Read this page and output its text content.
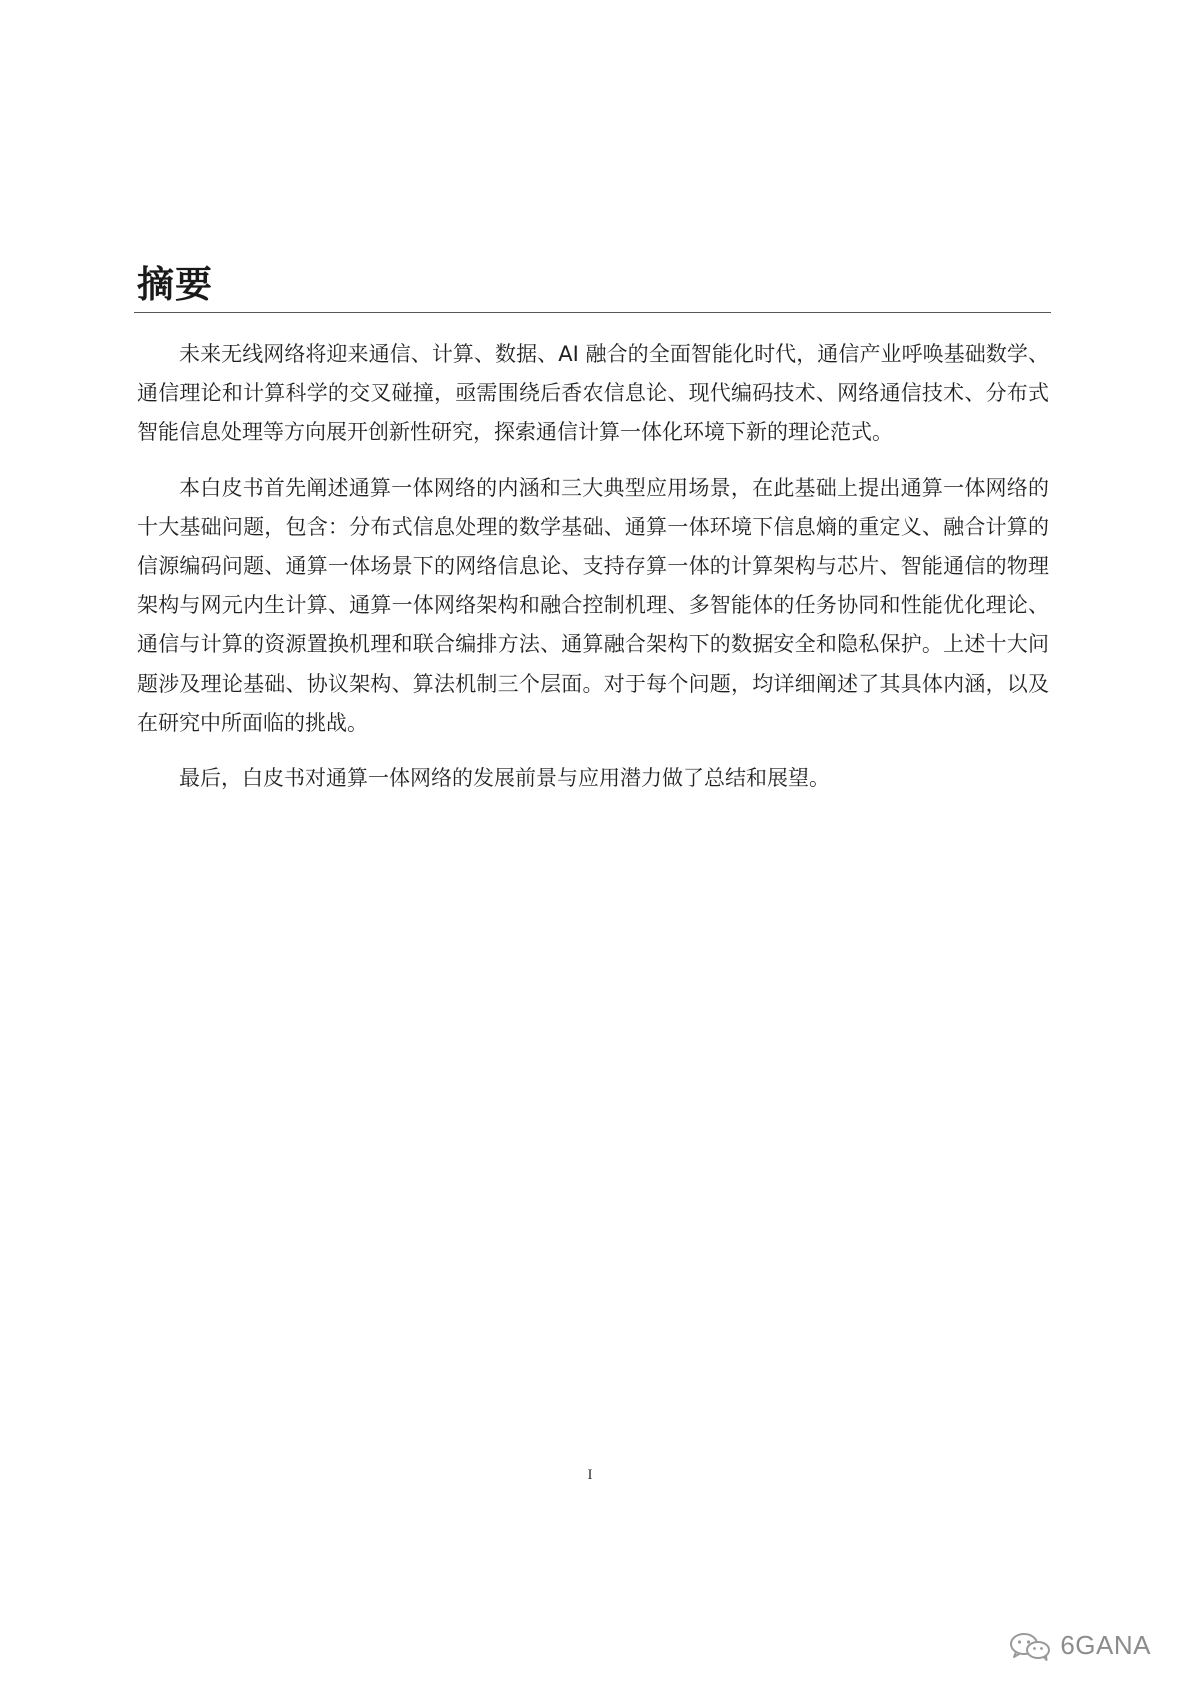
摘要

未来无线网络将迎来通信、计算、数据、AI 融合的全面智能化时代，通信产业呼唤基础数学、通信理论和计算科学的交叉碰撞，亟需围绕后香农信息论、现代编码技术、网络通信技术、分布式智能信息处理等方向展开创新性研究，探索通信计算一体化环境下新的理论范式。

本白皮书首先阐述通算一体网络的内涵和三大典型应用场景，在此基础上提出通算一体网络的十大基础问题，包含：分布式信息处理的数学基础、通算一体环境下信息熵的重定义、融合计算的信源编码问题、通算一体场景下的网络信息论、支持存算一体的计算架构与芯片、智能通信的物理架构与网元内生计算、通算一体网络架构和融合控制机理、多智能体的任务协同和性能优化理论、通信与计算的资源置换机理和联合编排方法、通算融合架构下的数据安全和隐私保护。上述十大问题涉及理论基础、协议架构、算法机制三个层面。对于每个问题，均详细阐述了其具体内涵，以及在研究中所面临的挑战。

最后，白皮书对通算一体网络的发展前景与应用潜力做了总结和展望。

I
6GANA
